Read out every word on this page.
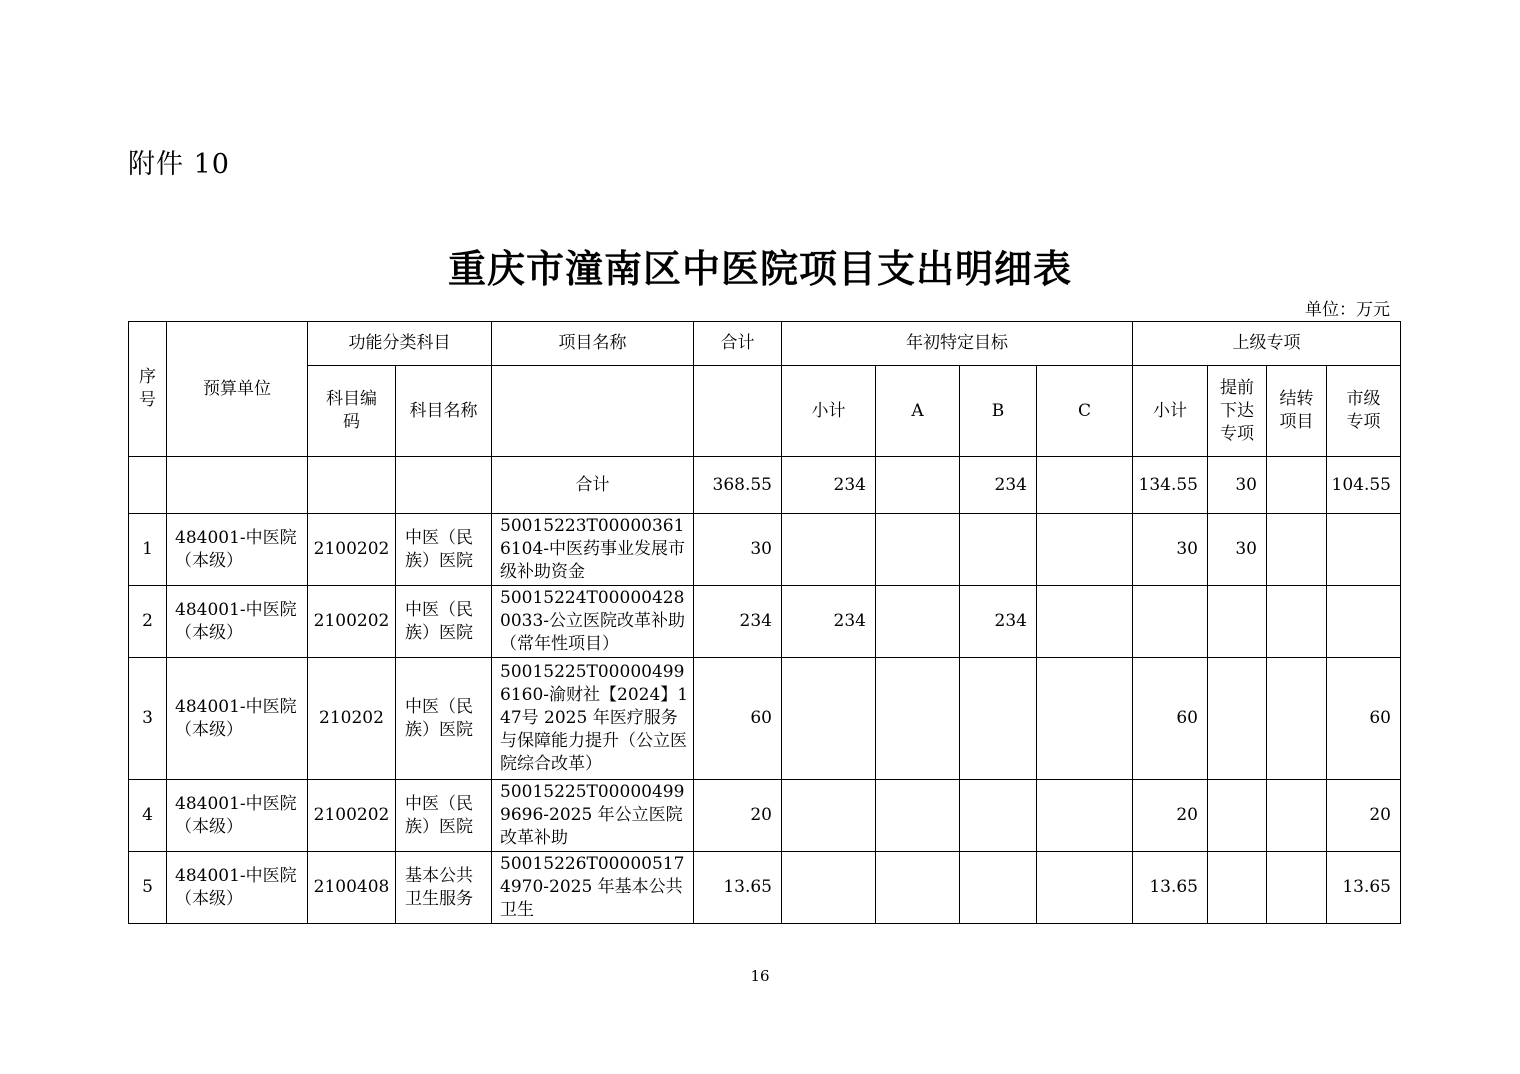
附件 10
重庆市潼南区中医院项目支出明细表
单位：万元
序号	预算单位	功能分类科目		项目名称	合计	年初特定目标				上级专项			
		科目编码	科目名称			小计	A	B	C	小计	提前下达专项	结转项目	市级专项
				合计	368.55	234		234		134.55	30		104.55
1	484001-中医院（本级）	2100202	中医（民族）医院	50015223T000003616104-中医药事业发展市级补助资金	30					30	30		
2	484001-中医院（本级）	2100202	中医（民族）医院	50015224T000004280033-公立医院改革补助（常年性项目）	234	234		234					
3	484001-中医院（本级）	210202	中医（民族）医院	50015225T000004996160-渝财社【2024】147号 2025 年医疗服务与保障能力提升（公立医院综合改革）	60					60			60
4	484001-中医院（本级）	2100202	中医（民族）医院	50015225T000004999696-2025 年公立医院改革补助	20					20			20
5	484001-中医院（本级）	2100408	基本公共卫生服务	50015226T000005174970-2025 年基本公共卫生	13.65					13.65			13.65
16
